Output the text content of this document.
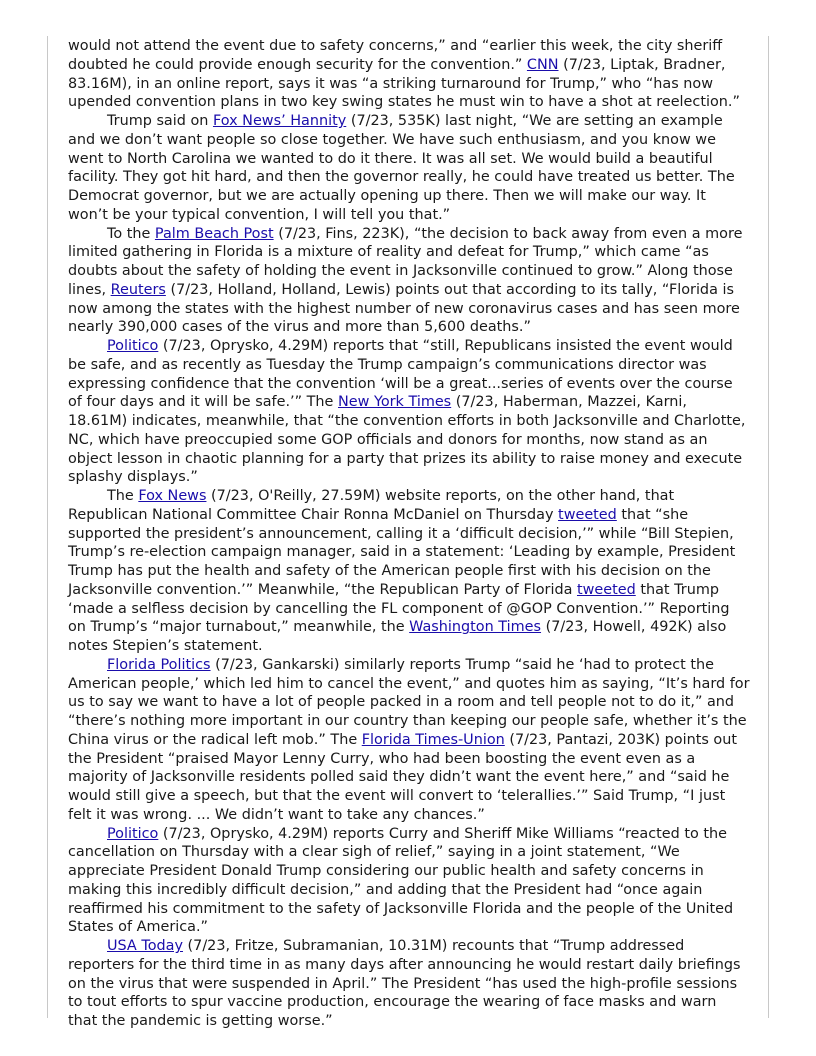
would not attend the event due to safety concerns,” and “earlier this week, the city sheriff doubted he could provide enough security for the convention.” CNN (7/23, Liptak, Bradner, 83.16M), in an online report, says it was “a striking turnaround for Trump,” who “has now upended convention plans in two key swing states he must win to have a shot at reelection.”

Trump said on Fox News’ Hannity (7/23, 535K) last night, “We are setting an example and we don’t want people so close together. We have such enthusiasm, and you know we went to North Carolina we wanted to do it there. It was all set. We would build a beautiful facility. They got hit hard, and then the governor really, he could have treated us better. The Democrat governor, but we are actually opening up there. Then we will make our way. It won’t be your typical convention, I will tell you that.”

To the Palm Beach Post (7/23, Fins, 223K), “the decision to back away from even a more limited gathering in Florida is a mixture of reality and defeat for Trump,” which came “as doubts about the safety of holding the event in Jacksonville continued to grow.” Along those lines, Reuters (7/23, Holland, Holland, Lewis) points out that according to its tally, “Florida is now among the states with the highest number of new coronavirus cases and has seen more nearly 390,000 cases of the virus and more than 5,600 deaths.”

Politico (7/23, Oprysko, 4.29M) reports that “still, Republicans insisted the event would be safe, and as recently as Tuesday the Trump campaign’s communications director was expressing confidence that the convention ‘will be a great...series of events over the course of four days and it will be safe.’” The New York Times (7/23, Haberman, Mazzei, Karni, 18.61M) indicates, meanwhile, that “the convention efforts in both Jacksonville and Charlotte, NC, which have preoccupied some GOP officials and donors for months, now stand as an object lesson in chaotic planning for a party that prizes its ability to raise money and execute splashy displays.”

The Fox News (7/23, O'Reilly, 27.59M) website reports, on the other hand, that Republican National Committee Chair Ronna McDaniel on Thursday tweeted that “she supported the president’s announcement, calling it a ‘difficult decision,’” while “Bill Stepien, Trump’s re-election campaign manager, said in a statement: ‘Leading by example, President Trump has put the health and safety of the American people first with his decision on the Jacksonville convention.’” Meanwhile, “the Republican Party of Florida tweeted that Trump ‘made a selfless decision by cancelling the FL component of @GOP Convention.’” Reporting on Trump’s “major turnabout,” meanwhile, the Washington Times (7/23, Howell, 492K) also notes Stepien’s statement.

Florida Politics (7/23, Gankarski) similarly reports Trump “said he ‘had to protect the American people,’ which led him to cancel the event,” and quotes him as saying, “It’s hard for us to say we want to have a lot of people packed in a room and tell people not to do it,” and “there’s nothing more important in our country than keeping our people safe, whether it’s the China virus or the radical left mob.” The Florida Times-Union (7/23, Pantazi, 203K) points out the President “praised Mayor Lenny Curry, who had been boosting the event even as a majority of Jacksonville residents polled said they didn’t want the event here,” and “said he would still give a speech, but that the event will convert to ‘telerallies.’” Said Trump, “I just felt it was wrong. ... We didn’t want to take any chances.”

Politico (7/23, Oprysko, 4.29M) reports Curry and Sheriff Mike Williams “reacted to the cancellation on Thursday with a clear sigh of relief,” saying in a joint statement, “We appreciate President Donald Trump considering our public health and safety concerns in making this incredibly difficult decision,” and adding that the President had “once again reaffirmed his commitment to the safety of Jacksonville Florida and the people of the United States of America.”

USA Today (7/23, Fritze, Subramanian, 10.31M) recounts that “Trump addressed reporters for the third time in as many days after announcing he would restart daily briefings on the virus that were suspended in April.” The President “has used the high-profile sessions to tout efforts to spur vaccine production, encourage the wearing of face masks and warn that the pandemic is getting worse.”
